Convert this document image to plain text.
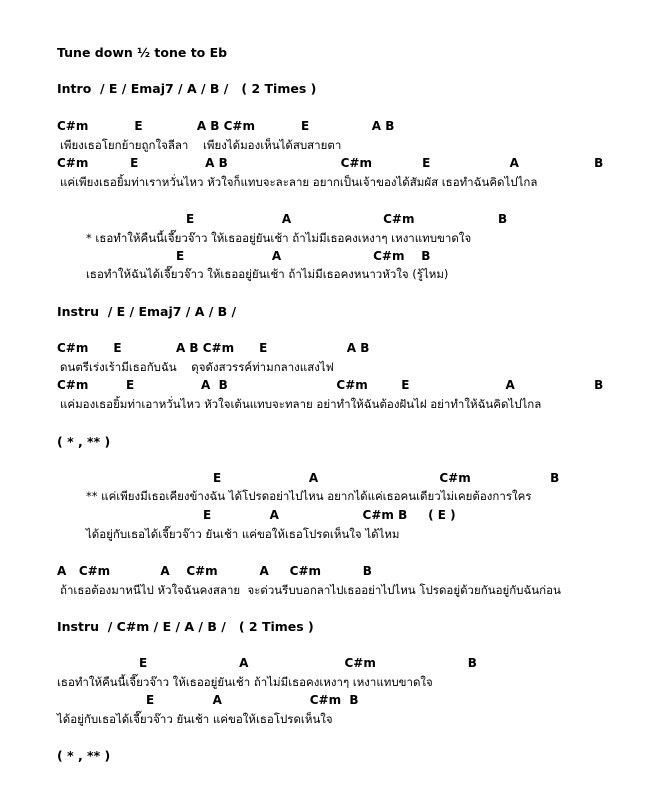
Tune down ½ tone to Eb
Intro  / E / Emaj7 / A / B /   ( 2 Times )
C#m           E             A B C#m           E               A B
เพียงเธอโยกย้ายถูกใจลีลา    เพียงได้มองเห็นได้สบสายตา
C#m          E                A B                           C#m            E                   A                  B
แค่เพียงเธอยิ้มท่าเราหวั่นไหว หัวใจก็แทบจะละลาย อยากเป็นเจ้าของได้สัมผัส เธอทำฉันคิดไปไกล
E                     A                      C#m                    B
* เธอทำให้คืนนี้เจี๊ยวจ๊าว ให้เธออยู่ยันเช้า ถ้าไม่มีเธอคงเหงาๆ เหงาแทบขาดใจ
E                     A                      C#m    B
เธอทำให้ฉันได้เจี๊ยวจ๊าว ให้เธออยู่ยันเช้า ถ้าไม่มีเธอคงหนาวหัวใจ (รู้ไหม)
Instru  / E / Emaj7 / A / B /
C#m      E             A B C#m      E                   A B
ดนตรีเร่งเร้ามีเธอกับฉัน    ดุจดังสวรรค์ท่ามกลางแสงไฟ
C#m         E                A  B                          C#m        E                       A                   B
แค่มองเธอยิ้มท่าเอาหวั่นไหว หัวใจเต้นแทบจะทลาย อย่าทำให้ฉันต้องฝันไฝ อย่าทำให้ฉันคิดไปไกล
( * , ** )
E                     A                             C#m                   B
** แค่เพียงมีเธอเคียงข้างฉัน ได้โปรดอย่าไปไหน อยากได้แค่เธอคนเดียวไม่เคยต้องการใคร
E              A                    C#m B     ( E )
ได้อยู่กับเธอได้เจี๊ยวจ๊าว ยันเช้า แค่ขอให้เธอโปรดเห็นใจ ได้ไหม
A   C#m            A    C#m          A     C#m          B
ถ้าเธอต้องมาหนีไป หัวใจฉันคงสลาย  จะด่วนรีบบอกลาไปเธออย่าไปไหน โปรดอยู่ด้วยกันอยู่กับฉันก่อน
Instru  / C#m / E / A / B /   ( 2 Times )
E                      A                       C#m                      B
เธอทำให้คืนนี้เจี๊ยวจ๊าว ให้เธออยู่ยันเช้า ถ้าไม่มีเธอคงเหงาๆ เหงาแทบขาดใจ
E              A                     C#m  B
ได้อยู่กับเธอได้เจี๊ยวจ๊าว ยันเช้า แค่ขอให้เธอโปรดเห็นใจ
( * , ** )
